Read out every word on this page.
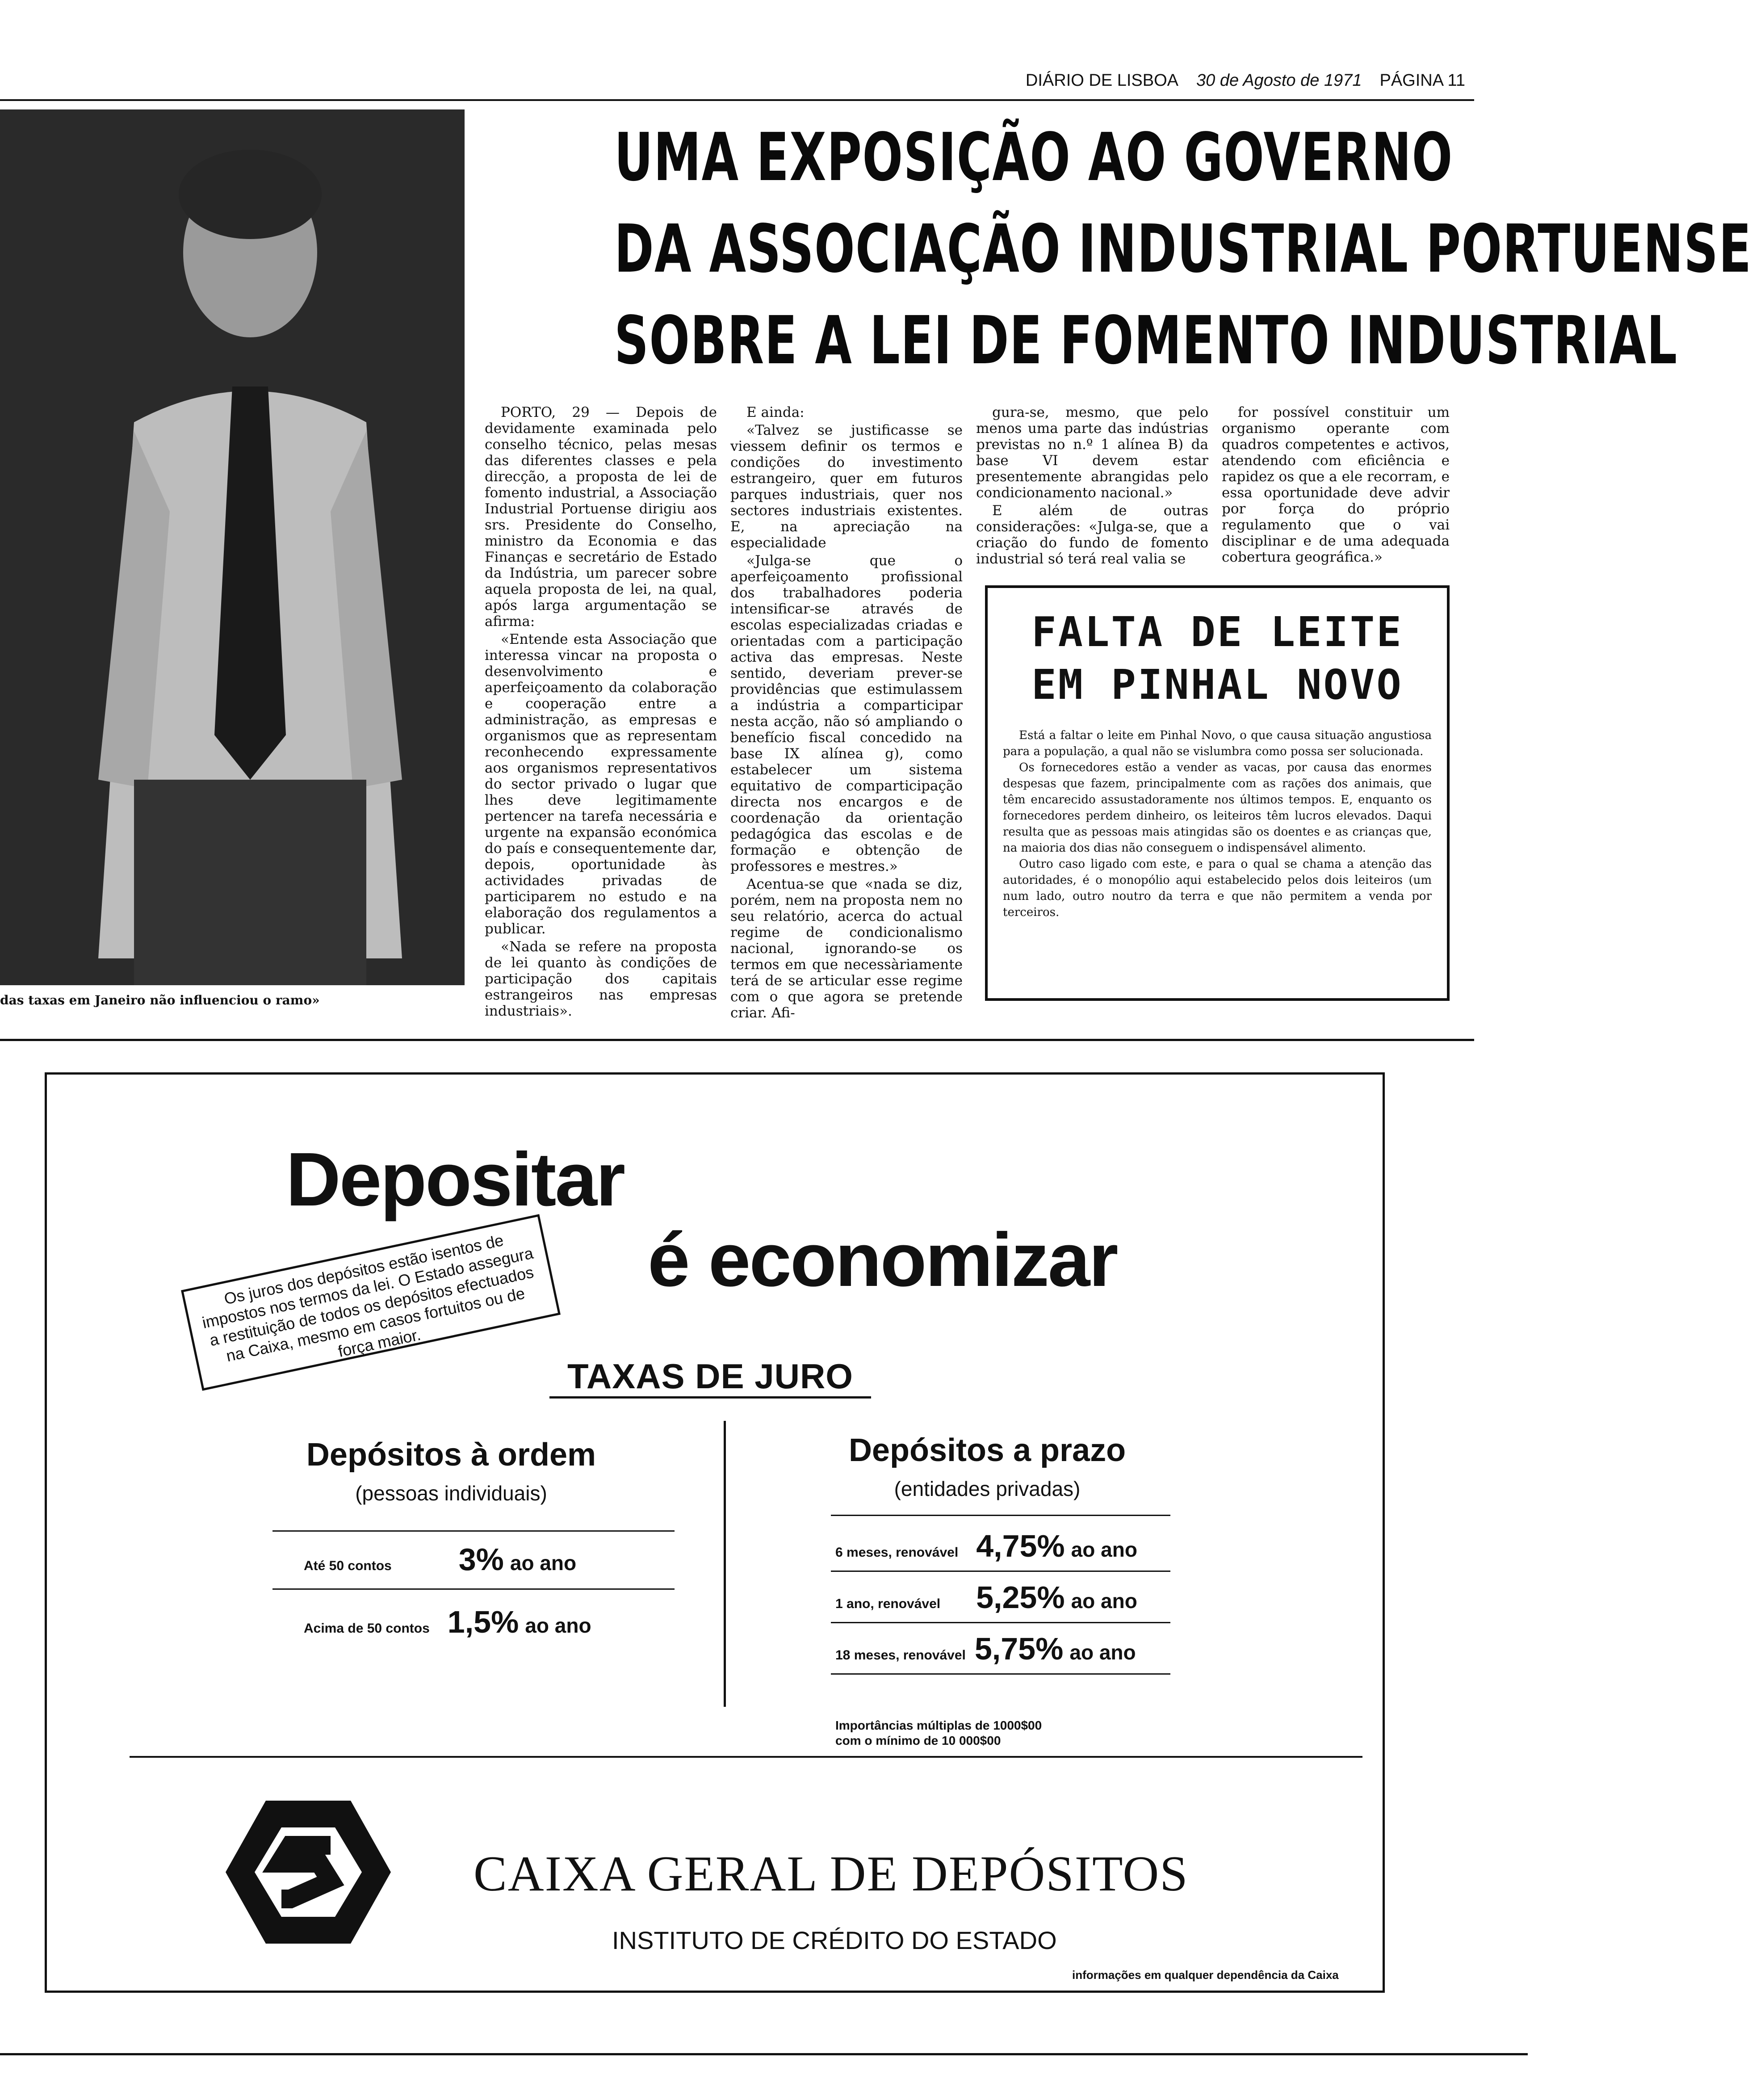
DIÁRIO DE LISBOA 30 de Agosto de 1971 PÁGINA 11
das taxas em Janeiro não influenciou o ramo»
UMA EXPOSIÇÃO AO GOVERNO
DA ASSOCIAÇÃO INDUSTRIAL PORTUENSE
SOBRE A LEI DE FOMENTO INDUSTRIAL

PORTO, 29 — Depois de devidamente examinada pelo conselho técnico, pelas mesas das diferentes classes e pela direcção, a proposta de lei de fomento industrial, a Associação Industrial Portuense dirigiu aos srs. Presidente do Conselho, ministro da Economia e das Finanças e secretário de Estado da Indústria, um parecer sobre aquela proposta de lei, na qual, após larga argumentação se afirma:

«Entende esta Associação que interessa vincar na proposta o desenvolvimento e aperfeiçoamento da colaboração e cooperação entre a administração, as empresas e organismos que as representam reconhecendo expressamente aos organismos representativos do sector privado o lugar que lhes deve legitimamente pertencer na tarefa necessária e urgente na expansão económica do país e consequentemente dar, depois, oportunidade às actividades privadas de participarem no estudo e na elaboração dos regulamentos a publicar.

«Nada se refere na proposta de lei quanto às condições de participação dos capitais estrangeiros nas empresas industriais».

E ainda:

«Talvez se justificasse se viessem definir os termos e condições do investimento estrangeiro, quer em futuros parques industriais, quer nos sectores industriais existentes. E, na apreciação na especialidade

«Julga-se que o aperfeiçoamento profissional dos trabalhadores poderia intensificar-se através de escolas especializadas criadas e orientadas com a participação activa das empresas. Neste sentido, deveriam prever-se providências que estimulassem a indústria a comparticipar nesta acção, não só ampliando o benefício fiscal concedido na base IX alínea g), como estabelecer um sistema equitativo de comparticipação directa nos encargos e de coordenação da orientação pedagógica das escolas e de formação e obtenção de professores e mestres.»

Acentua-se que «nada se diz, porém, nem na proposta nem no seu relatório, acerca do actual regime de condicionalismo nacional, ignorando-se os termos em que necessàriamente terá de se articular esse regime com o que agora se pretende criar. Afi-

gura-se, mesmo, que pelo menos uma parte das indústrias previstas no n.º 1 alínea B) da base VI devem estar presentemente abrangidas pelo condicionamento nacional.»

E além de outras considerações: «Julga-se, que a criação do fundo de fomento industrial só terá real valia se

for possível constituir um organismo operante com quadros competentes e activos, atendendo com eficiência e rapidez os que a ele recorram, e essa oportunidade deve advir por força do próprio regulamento que o vai disciplinar e de uma adequada cobertura geográfica.»

FALTA DE LEITE
EM PINHAL NOVO

Está a faltar o leite em Pinhal Novo, o que causa situação angustiosa para a população, a qual não se vislumbra como possa ser solucionada.

Os fornecedores estão a vender as vacas, por causa das enormes despesas que fazem, principalmente com as rações dos animais, que têm encarecido assustadoramente nos últimos tempos. E, enquanto os fornecedores perdem dinheiro, os leiteiros têm lucros elevados. Daqui resulta que as pessoas mais atingidas são os doentes e as crianças que, na maioria dos dias não conseguem o indispensável alimento.

Outro caso ligado com este, e para o qual se chama a atenção das autoridades, é o monopólio aqui estabelecido pelos dois leiteiros (um num lado, outro noutro da terra e que não permitem a venda por terceiros.

Depositar
é economizar
Os juros dos depósitos estão isentos de impostos nos termos da lei. O Estado assegura a restituição de todos os depósitos efectuados na Caixa, mesmo em casos fortuitos ou de força maior.
TAXAS DE JURO
Depósitos à ordem
(pessoas individuais)
Até 50 contos 3% ao ano
Acima de 50 contos 1,5% ao ano
Depósitos a prazo
(entidades privadas)
6 meses, renovável 4,75% ao ano
1 ano, renovável 5,25% ao ano
18 meses, renovável 5,75% ao ano
Importâncias múltiplas de 1000$00
com o mínimo de 10 000$00
CAIXA GERAL DE DEPÓSITOS
INSTITUTO DE CRÉDITO DO ESTADO
informações em qualquer dependência da Caixa
